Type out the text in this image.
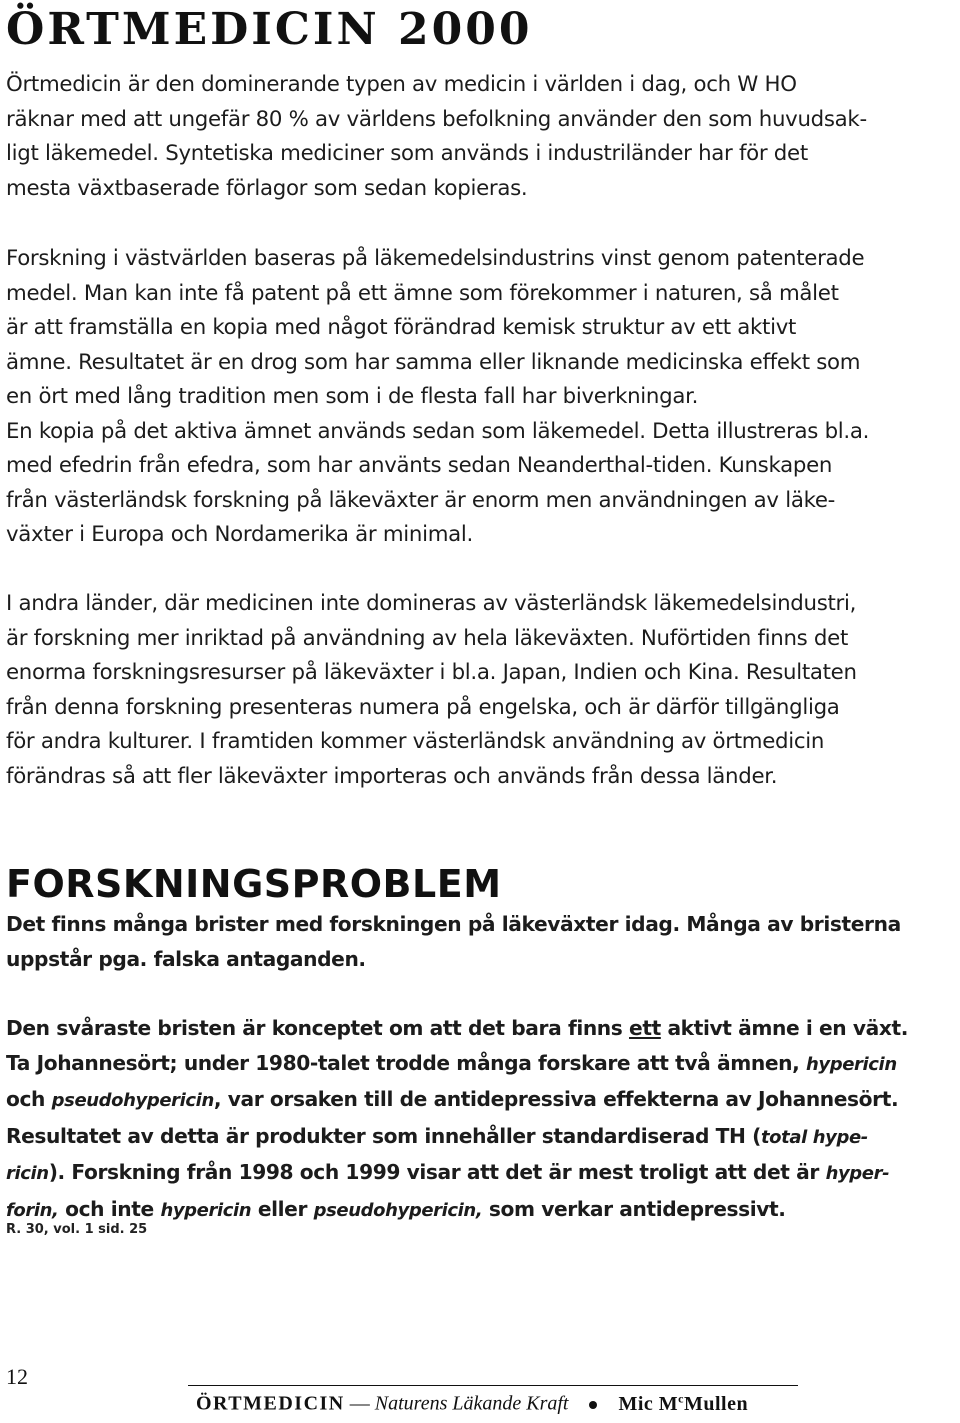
ÖRTMEDICIN 2000

Örtmedicin är den dominerande typen av medicin i världen i dag, och W HO
räknar med att ungefär 80 % av världens befolkning använder den som huvudsak-
ligt läkemedel. Syntetiska mediciner som används i industriländer har för det
mesta växtbaserade förlagor som sedan kopieras.

Forskning i västvärlden baseras på läkemedelsindustrins vinst genom patenterade
medel. Man kan inte få patent på ett ämne som förekommer i naturen, så målet
är att framställa en kopia med något förändrad kemisk struktur av ett aktivt
ämne. Resultatet är en drog som har samma eller liknande medicinska effekt som
en ört med lång tradition men som i de flesta fall har biverkningar.
En kopia på det aktiva ämnet används sedan som läkemedel. Detta illustreras bl.a.
med efedrin från efedra, som har använts sedan Neanderthal-tiden. Kunskapen
från västerländsk forskning på läkeväxter är enorm men användningen av läke-
växter i Europa och Nordamerika är minimal.

I andra länder, där medicinen inte domineras av västerländsk läkemedelsindustri,
är forskning mer inriktad på användning av hela läkeväxten. Nuförtiden finns det
enorma forskningsresurser på läkeväxter i bl.a. Japan, Indien och Kina. Resultaten
från denna forskning presenteras numera på engelska, och är därför tillgängliga
för andra kulturer. I framtiden kommer västerländsk användning av örtmedicin
förändras så att fler läkeväxter importeras och används från dessa länder.

FORSKNINGSPROBLEM

Det finns många brister med forskningen på läkeväxter idag. Många av bristerna
uppstår pga. falska antaganden.

Den svåraste bristen är konceptet om att det bara finns ett aktivt ämne i en växt.
Ta Johannesört; under 1980-talet trodde många forskare att två ämnen, hypericin
och pseudohypericin, var orsaken till de antidepressiva effekterna av Johannesört.
Resultatet av detta är produkter som innehåller standardiserad TH (total hype-
ricin). Forskning från 1998 och 1999 visar att det är mest troligt att det är hyper-
forin, och inte hypericin eller pseudohypericin, som verkar antidepressivt.

R. 30, vol. 1 sid. 25
12
ÖRTMEDICIN — Naturens Läkande Kraft	Mic $M^cMullen$
